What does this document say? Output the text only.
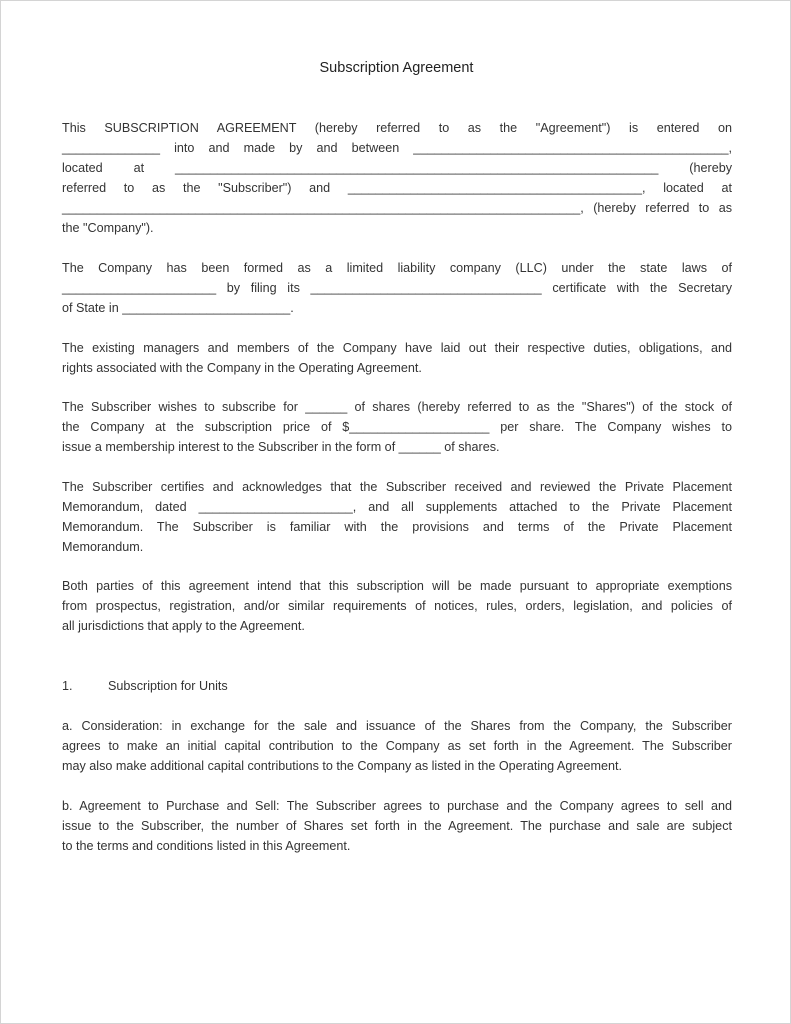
Subscription Agreement

This SUBSCRIPTION AGREEMENT (hereby referred to as the "Agreement") is entered on

______________ into and made by and between _____________________________________________,

located at _____________________________________________________________________ (hereby

referred to as the "Subscriber") and __________________________________________, located at

__________________________________________________________________________, (hereby referred to as

the "Company").

The Company has been formed as a limited liability company (LLC) under the state laws of

______________________ by filing its _________________________________ certificate with the Secretary

of State in ________________________.

The existing managers and members of the Company have laid out their respective duties, obligations, and

rights associated with the Company in the Operating Agreement.

The Subscriber wishes to subscribe for ______ of shares (hereby referred to as the "Shares") of the stock of

the Company at the subscription price of $____________________ per share. The Company wishes to

issue a membership interest to the Subscriber in the form of ______ of shares.

The Subscriber certifies and acknowledges that the Subscriber received and reviewed the Private Placement

Memorandum, dated ______________________, and all supplements attached to the Private Placement

Memorandum. The Subscriber is familiar with the provisions and terms of the Private Placement

Memorandum.

Both parties of this agreement intend that this subscription will be made pursuant to appropriate exemptions

from prospectus, registration, and/or similar requirements of notices, rules, orders, legislation, and policies of

all jurisdictions that apply to the Agreement.

1.	Subscription for Units

a. Consideration: in exchange for the sale and issuance of the Shares from the Company, the Subscriber

agrees to make an initial capital contribution to the Company as set forth in the Agreement. The Subscriber

may also make additional capital contributions to the Company as listed in the Operating Agreement.

b. Agreement to Purchase and Sell: The Subscriber agrees to purchase and the Company agrees to sell and

issue to the Subscriber, the number of Shares set forth in the Agreement. The purchase and sale are subject

to the terms and conditions listed in this Agreement.
